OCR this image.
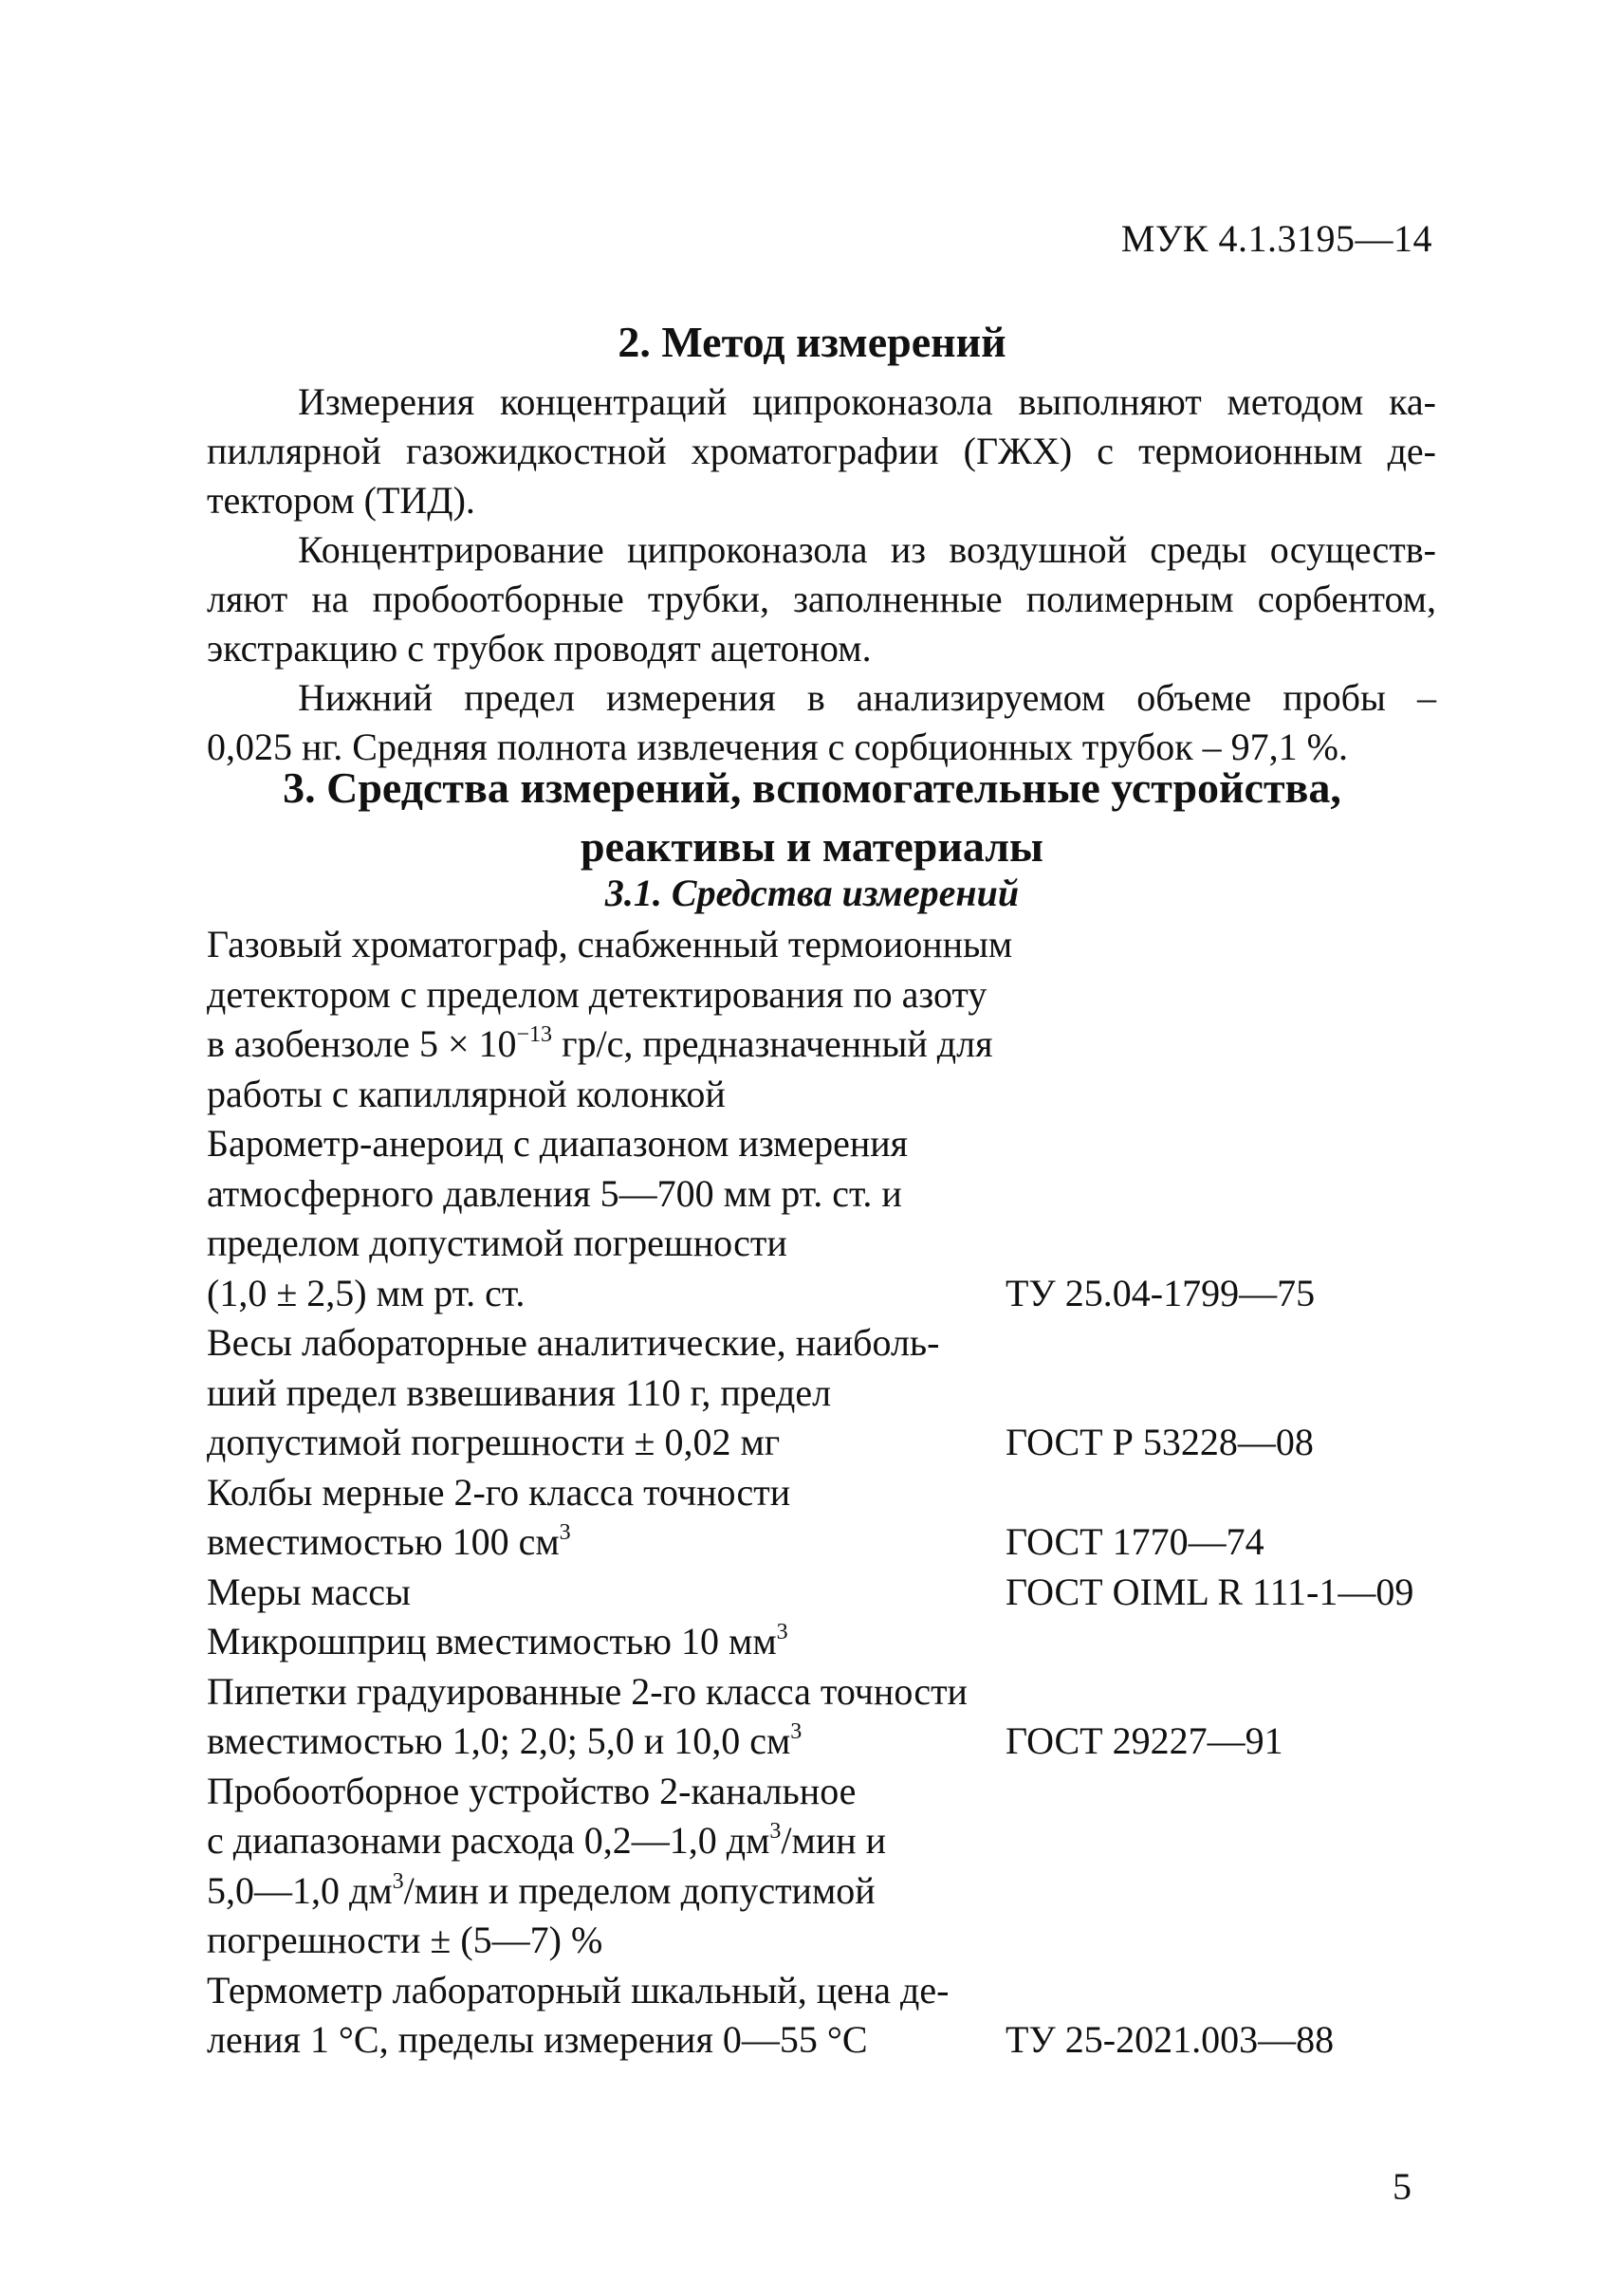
МУК 4.1.3195—14
2. Метод измерений
Измерения концентраций ципроконазола выполняют методом ка-
пиллярной газожидкостной хроматографии (ГЖХ) с термоионным де-
тектором (ТИД).
Концентрирование ципроконазола из воздушной среды осуществ-
ляют на пробоотборные трубки, заполненные полимерным сорбентом,
экстракцию с трубок проводят ацетоном.
Нижний предел измерения в анализируемом объеме пробы –
0,025 нг. Средняя полнота извлечения с сорбционных трубок – 97,1 %.
3. Средства измерений, вспомогательные устройства,
реактивы и материалы
3.1. Средства измерений
Газовый хроматограф, снабженный термоионным
детектором с пределом детектирования по азоту
в азобензоле $5 \times 10^{-13}$ гр/с, предназначенный для
работы с капиллярной колонкой
Барометр-анероид с диапазоном измерения
атмосферного давления 5—700 мм рт. ст. и
пределом допустимой погрешности
(1,0 ± 2,5) мм рт. ст.	ТУ 25.04-1799—75
Весы лабораторные аналитические, наиболь-
ший предел взвешивания 110 г, предел
допустимой погрешности ± 0,02 мг	ГОСТ Р 53228—08
Колбы мерные 2-го класса точности
вместимостью 100 $см^3$	ГОСТ 1770—74
Меры массы	ГОСТ OIML R 111-1—09
Микрошприц вместимостью 10 $мм^3$
Пипетки градуированные 2-го класса точности
вместимостью 1,0; 2,0; 5,0 и 10,0 $см^3$	ГОСТ 29227—91
Пробоотборное устройство 2-канальное
с диапазонами расхода 0,2—1,0 $дм^3$/мин и
5,0—1,0 $дм^3$/мин и пределом допустимой
погрешности ± (5—7) %
Термометр лабораторный шкальный, цена де-
ления 1 °С, пределы измерения 0—55 °С	ТУ 25-2021.003—88
5
